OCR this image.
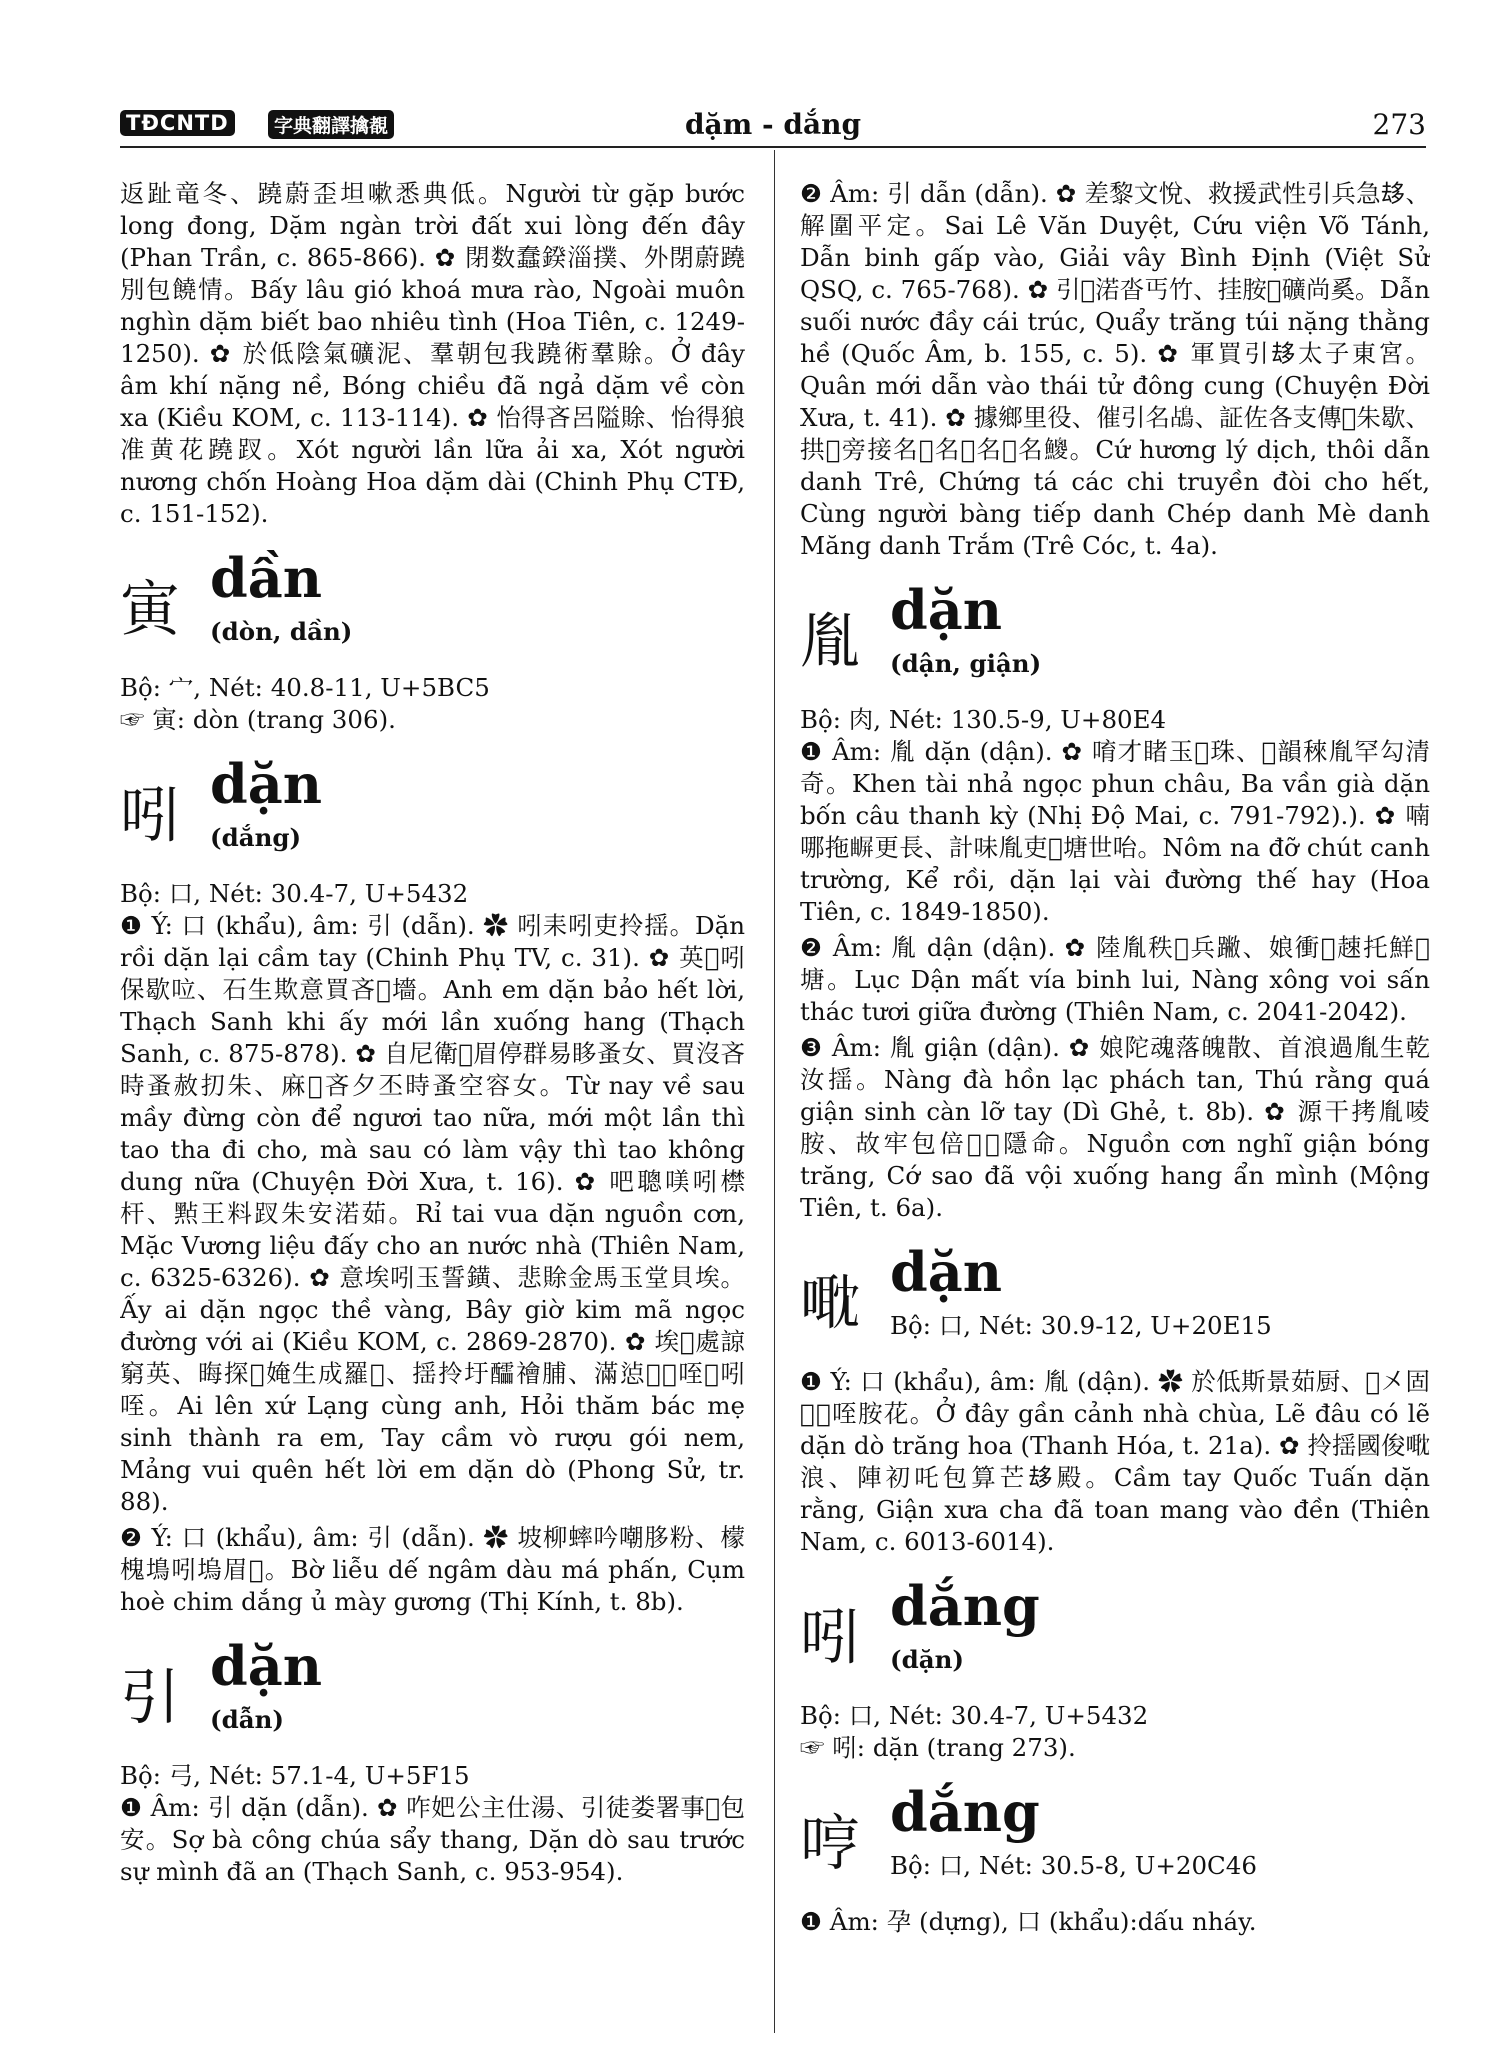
TĐCNTD	字典翻譯擒覩	dặm - dắng	273

返趾竜冬、蹺蔚歪坦嗽悉典低。Người từ gặp bước long đong, Dặm ngàn trời đất xui lòng đến đây (Phan Trần, c. 865-866). ✿ 閉数蠢鍨淄撲、外閉蔚蹺別包饒情。Bấy lâu gió khoá mưa rào, Ngoài muôn nghìn dặm biết bao nhiêu tình (Hoa Tiên, c. 1249-1250). ✿ 於低陰氣礦泥、羣朝包我蹺術羣賖。Ở đây âm khí nặng nề, Bóng chiều đã ngả dặm về còn xa (Kiều KOM, c. 113-114). ✿ 怡得吝呂隘賖、怡得狼准黄花蹺䟕。Xót người lần lữa ải xa, Xót người nương chốn Hoàng Hoa dặm dài (Chinh Phụ CTĐ, c. 151-152).

寅 dần
(dòn, dần)

Bộ: 宀, Nét: 40.8-11, U+5BC5

☞ 寅: dòn (trang 306).

吲 dặn
(dắng)

Bộ: 口, Nét: 30.4-7, U+5432

❶ Ý: 口 (khẩu), âm: 引 (dẫn). ✿ 吲耒吲吏拎揺。Dặn rồi dặn lại cầm tay (Chinh Phụ TV, c. 31). ✿ 英𡛔吲保歇㕸、石生欺意買吝𡶀墻。Anh em dặn bảo hết lời, Thạch Sanh khi ấy mới lần xuống hang (Thạch Sanh, c. 875-878). ✿ 自尼衛𨉓眉停群易眵蚤女、買沒吝時蚤赦㧅朱、麻𨉓吝夕丕時蚤空容女。Từ nay về sau mầy đừng còn để ngươi tao nữa, mới một lần thì tao tha đi cho, mà sau có làm vậy thì tao không dung nữa (Chuyện Đời Xưa, t. 16). ✿ 吧聰𠸍吲㯲杆、㸃王料䟕朱安渃茹。Rỉ tai vua dặn nguồn cơn, Mặc Vương liệu đấy cho an nước nhà (Thiên Nam, c. 6325-6326). ✿ 意埃吲玉誓鐄、悲賖金馬玉堂貝埃。Ấy ai dặn ngọc thề vàng, Bây giờ kim mã ngọc đường với ai (Kiều KOM, c. 2869-2870). ✿ 埃𨖲處諒窮英、晦探𤰺㛪生成羅𡛔、揺拎圩醽禬脯、滿惉𤶹𥧓咥𡛔吲咥。Ai lên xứ Lạng cùng anh, Hỏi thăm bác mẹ sinh thành ra em, Tay cầm vò rượu gói nem, Mảng vui quên hết lời em dặn dò (Phong Sử, tr. 88).

❷ Ý: 口 (khẩu), âm: 引 (dẫn). ✿ 坡柳蟀吟嘲䏧粉、檬槐䲧吲塢眉𩈘。Bờ liễu dế ngâm dàu má phấn, Cụm hoè chim dắng ủ mày gương (Thị Kính, t. 8b).

引 dặn
(dẫn)

Bộ: 弓, Nét: 57.1-4, U+5F15

❶ Âm: 引 dặn (dẫn). ✿ 咋妑公主仕湯、引徒娄署事𨉓包安。Sợ bà công chúa sẩy thang, Dặn dò sau trước sự mình đã an (Thạch Sanh, c. 953-954).

❷ Âm: 引 dẫn (dẫn). ✿ 差黎文悅、救援武性引兵急𠫾、解圍平定。Sai Lê Văn Duyệt, Cứu viện Võ Tánh, Dẫn binh gấp vào, Giải vây Bình Định (Việt Sử QSQ, c. 765-768). ✿ 引𤀒渃沓丐竹、挂胺𧞣礦尚奚。Dẫn suối nước đầy cái trúc, Quẩy trăng túi nặng thằng hề (Quốc Âm, b. 155, c. 5). ✿ 軍買引𠫾太子東宮。Quân mới dẫn vào thái tử đông cung (Chuyện Đời Xưa, t. 41). ✿ 據鄉里役、催引名𪀄、証佐各支傳𡀳朱歇、拱𨅸旁接名𩵜名𩹹名𩺗名𩻐。Cứ hương lý dịch, thôi dẫn danh Trê, Chứng tá các chi truyền đòi cho hết, Cùng người bàng tiếp danh Chép danh Mè danh Măng danh Trắm (Trê Cóc, t. 4a).

胤 dặn
(dận, giận)

Bộ: 肉, Nét: 130.5-9, U+80E4

❶ Âm: 胤 dặn (dận). ✿ 唷才睹玉𠼤珠、𠁀韻䅘胤罕勾清奇。Khen tài nhả ngọc phun châu, Ba vần già dặn bốn câu thanh kỳ (Nhị Độ Mai, c. 791-792).). ✿ 喃哪拖𡳧更長、計味胤吏𦑗塘世咍。Nôm na đỡ chút canh trường, Kể rồi, dặn lại vài đường thế hay (Hoa Tiên, c. 1849-1850).

❷ Âm: 胤 dận (dận). ✿ 陸胤秩𤴬兵䠥、娘衝𤠰趚托鮮𤞼塘。Lục Dận mất vía binh lui, Nàng xông voi sấn thác tươi giữa đường (Thiên Nam, c. 2041-2042).

❸ Âm: 胤 giận (dận). ✿ 娘陀魂落魄散、首浪過胤生乾汝揺。Nàng đà hồn lạc phách tan, Thú rằng quá giận sinh càn lỡ tay (Dì Ghẻ, t. 8b). ✿ 源干拷胤㖫胺、故牢包倍𧿨𫂆隱命。Nguồn cơn nghĩ giận bóng trăng, Cớ sao đã vội xuống hang ẩn mình (Mộng Tiên, t. 6a).

𠹆 dặn
Bộ: 口, Nét: 30.9-12, U+20E15

❶ Ý: 口 (khẩu), âm: 胤 (dận). ✿ 於低斯景茹厨、𥪝㐅固𥪝𠹆咥胺花。Ở đây gần cảnh nhà chùa, Lẽ đâu có lẽ dặn dò trăng hoa (Thanh Hóa, t. 21a). ✿ 拎揺國俊𠹆浪、陣初吒包算芒𠫾殿。Cầm tay Quốc Tuấn dặn rằng, Giận xưa cha đã toan mang vào đền (Thiên Nam, c. 6013-6014).

吲 dắng
(dặn)

Bộ: 口, Nét: 30.4-7, U+5432

☞ 吲: dặn (trang 273).

哼 dắng
Bộ: 口, Nét: 30.5-8, U+20C46

❶ Âm: 孕 (dựng), 口 (khẩu):dấu nháy.
